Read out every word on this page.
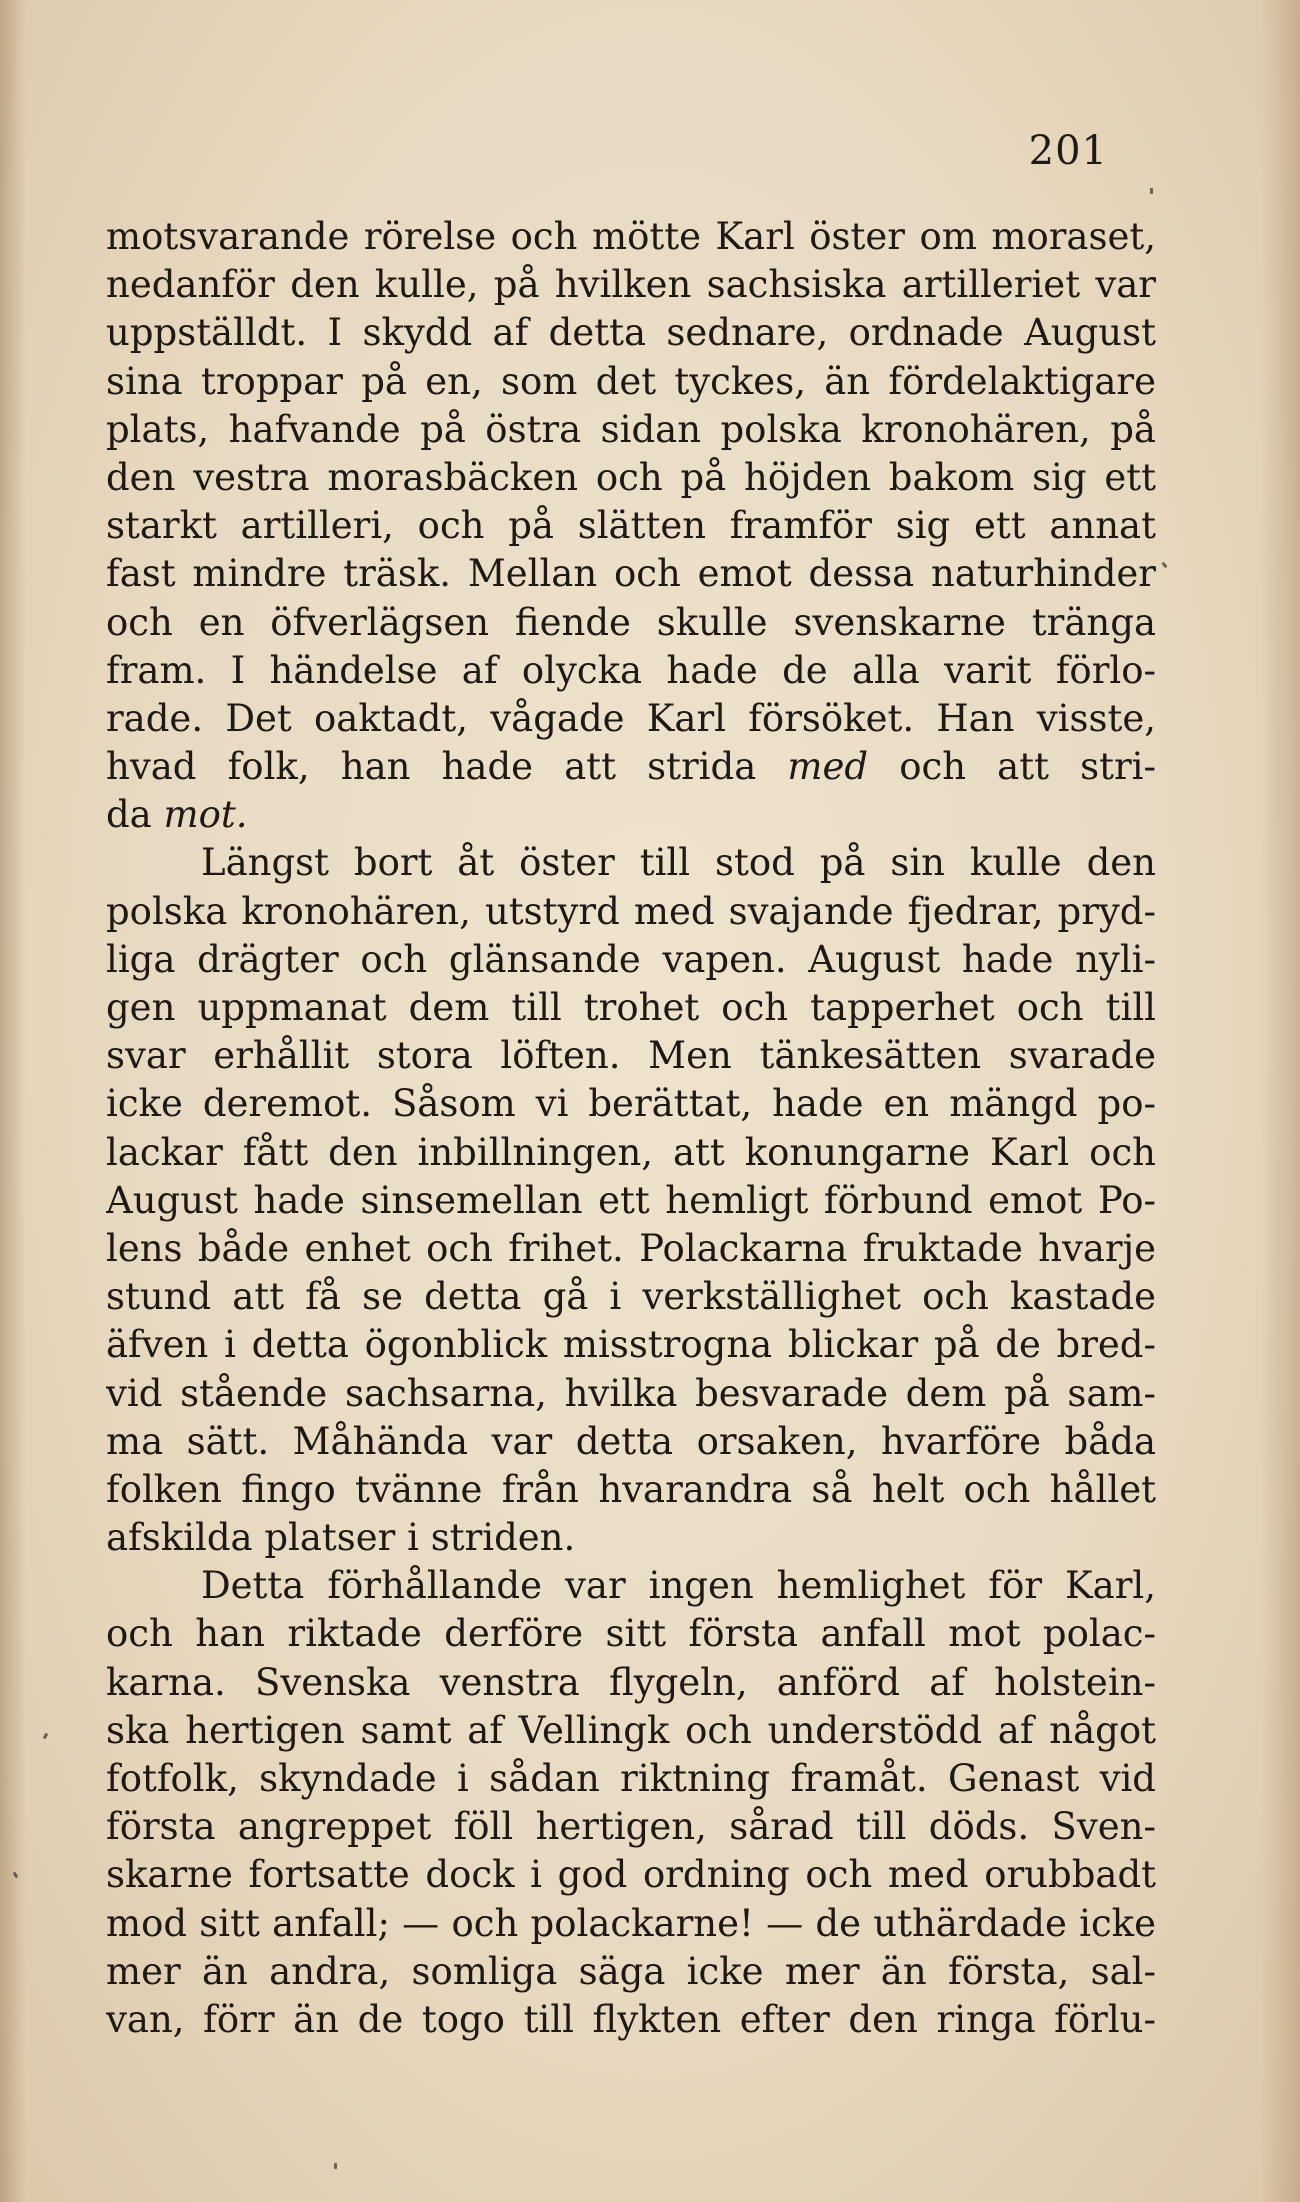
201
motsvarande rörelse och mötte Karl öster om moraset,
nedanför den kulle, på hvilken sachsiska artilleriet var
uppställdt. I skydd af detta sednare, ordnade August
sina troppar på en, som det tyckes, än fördelaktigare
plats, hafvande på östra sidan polska kronohären, på
den vestra morasbäcken och på höjden bakom sig ett
starkt artilleri, och på slätten framför sig ett annat
fast mindre träsk. Mellan och emot dessa naturhinder
och en öfverlägsen fiende skulle svenskarne tränga
fram. I händelse af olycka hade de alla varit förlo-
rade. Det oaktadt, vågade Karl försöket. Han visste,
hvad folk, han hade att strida med och att stri-
da mot.
Längst bort åt öster till stod på sin kulle den
polska kronohären, utstyrd med svajande fjedrar, pryd-
liga drägter och glänsande vapen. August hade nyli-
gen uppmanat dem till trohet och tapperhet och till
svar erhållit stora löften. Men tänkesätten svarade
icke deremot. Såsom vi berättat, hade en mängd po-
lackar fått den inbillningen, att konungarne Karl och
August hade sinsemellan ett hemligt förbund emot Po-
lens både enhet och frihet. Polackarna fruktade hvarje
stund att få se detta gå i verkställighet och kastade
äfven i detta ögonblick misstrogna blickar på de bred-
vid stående sachsarna, hvilka besvarade dem på sam-
ma sätt. Måhända var detta orsaken, hvarföre båda
folken fingo tvänne från hvarandra så helt och hållet
afskilda platser i striden.
Detta förhållande var ingen hemlighet för Karl,
och han riktade derföre sitt första anfall mot polac-
karna. Svenska venstra flygeln, anförd af holstein-
ska hertigen samt af Vellingk och understödd af något
fotfolk, skyndade i sådan riktning framåt. Genast vid
första angreppet föll hertigen, sårad till döds. Sven-
skarne fortsatte dock i god ordning och med orubbadt
mod sitt anfall; — och polackarne! — de uthärdade icke
mer än andra, somliga säga icke mer än första, sal-
van, förr än de togo till flykten efter den ringa förlu-
